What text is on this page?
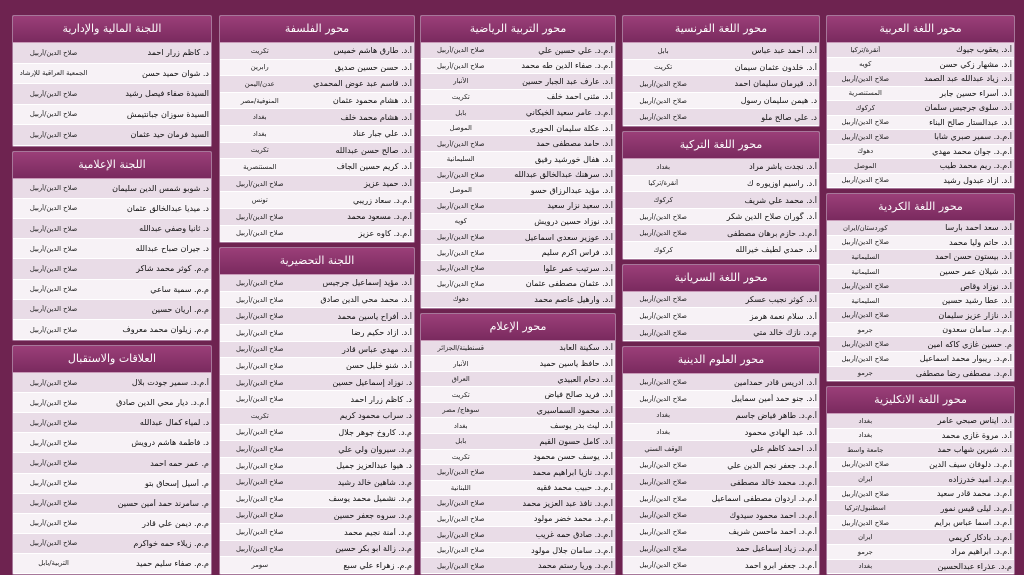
اللجنة المالية والإدارية
د. كاظم زرار احمد
صلاح الدين/أربيل
د. شوان حميد حسن
الجمعية العراقية للإرشاد
السيدة صفاء فيصل رشيد
صلاح الدين/أربيل
السيدة سوزان جبانتيمش
صلاح الدين/أربيل
السيد فرمان حيد عثمان
صلاح الدين/أربيل
اللجنة الإعلامية
د. شوبو شمس الدين سليمان
صلاح الدين/أربيل
د. ميديا عبدالخالق عثمان
صلاح الدين/أربيل
د. ثانيا وصفي عبدالله
صلاح الدين/أربيل
د. جيران صباح عبدالله
صلاح الدين/أربيل
م.م. كوثر محمد شاكر
صلاح الدين/أربيل
م.م. سمية ساعي
صلاح الدين/أربيل
م.م. اريان حسين
صلاح الدين/أربيل
م.م. زيلوان محمد معروف
صلاح الدين/أربيل
العلاقات والاستقبال
أ.م.د. سمير جودت بلال
صلاح الدين/أربيل
أ.م.د. ديار محي الدين صادق
صلاح الدين/أربيل
د. لمياء كمال عبدالله
صلاح الدين/أربيل
د. فاطمة هاشم درويش
صلاح الدين/أربيل
م. عمر حمه احمد
صلاح الدين/أربيل
م. أسيل إسحاق بتو
صلاح الدين/أربيل
م. سامرند حمد أمين حسين
صلاح الدين/أربيل
م.م. ديمن علي قادر
صلاح الدين/أربيل
م.م. زيلاء حمه خواكرم
صلاح الدين/أربيل
م.م. صفاء سليم حميد
التربية/بابل
محور الفلسفة
أ.د. طارق هاشم خميس
تكريت
أ.د. حسن حسين صديق
رابرين
أ.د. قاسم عبد عوض المحمدي
عدن/اليمن
أ.د. هشام محمود عثمان
المنوفية/مصر
أ.د. هشام محمد خلف
بغداد
أ.د. علي جبار عناد
بغداد
أ.د. صالح حسن عبدالله
تكريت
أ.د. كريم حسين الجاف
المستنصرية
أ.د. حميد عزيز
صلاح الدين/أربيل
أ.م.د. سعاد زريبي
تونس
أ.م.د. مسعود محمد
صلاح الدين/أربيل
أ.م.د. كاوه عزيز
صلاح الدين/أربيل
اللجنة التحضيرية
أ.د. مؤيد إسماعيل جرجيس
صلاح الدين/أربيل
أ.د. محمد محي الدين صادق
صلاح الدين/أربيل
أ.د. أفراح ياسين محمد
صلاح الدين/أربيل
أ.د. ازاد حكيم رضا
صلاح الدين/أربيل
أ.د. مهدي عباس قادر
صلاح الدين/أربيل
أ.د. شنو خليل حسن
صلاح الدين/أربيل
د. نوزاد إسماعيل حسين
صلاح الدين/أربيل
د. كاظم زرار احمد
صلاح الدين/أربيل
د. سراب محمود كريم
تكريت
م.د. كاروخ جوهر جلال
صلاح الدين/أربيل
م.د. سيروان ولي علي
صلاح الدين/أربيل
د. هيوا عبدالعزيز جميل
صلاح الدين/أربيل
م.د. شاهين خالد رشيد
صلاح الدين/أربيل
م.د. نشميل محمد يوسف
صلاح الدين/أربيل
م.د. سروه جعفر حسين
صلاح الدين/أربيل
م.د. أمنة نجيم محمد
صلاح الدين/أربيل
م.د. زالة ابو بكر حسين
صلاح الدين/أربيل
م.م. زهراء علي سبع
سومر
محور التربية الرياضية
أ.م.د. علي حسين علي
صلاح الدين/أربيل
أ.م.د. صفاء الدين طه محمد
صلاح الدين/أربيل
أ.د. عارف عبد الجبار حسين
الأنبار
أ.د. مثنى احمد خلف
تكريت
أ.م.د. عامر سعيد الخيكاني
بابل
أ.د. عكلة سليمان الحوري
الموصل
أ.د. حامد مصطفى حمد
صلاح الدين/أربيل
أ.د. هفال خورشيد رفيق
السليمانية
أ.د. سرهنك عبدالخالق عبدالله
صلاح الدين/أربيل
أ.د. مؤيد عبدالرزاق حسو
الموصل
أ.د. سعيد نزار سعيد
صلاح الدين/أربيل
أ.د. نوزاد حسين درويش
كويه
أ.د. عوزير سعدي اسماعيل
صلاح الدين/أربيل
أ.د. فراس اكرم سليم
صلاح الدين/أربيل
أ.د. سرتيب عمر علوا
صلاح الدين/أربيل
أ.د. عثمان مصطفى عثمان
صلاح الدين/أربيل
أ.د. وارهيل عاصم محمد
دهوك
محور الإعلام
أ.د. سكينة العابد
قسنطينة/الجزائر
أ.د. حافظ ياسين حميد
الأنبار
أ.د. دحام العبيدي
العراق
أ.د. فريد صالح فياض
تكريت
أ.د. محمود السماسيري
سوهاج/ مصر
أ.د. ليث بدر يوسف
بغداد
أ.د. كامل حسون القيم
بابل
أ.د. يوسف حسن محمود
تكريت
أ.م.د. نازيا ابراهيم محمد
صلاح الدين/أربيل
أ.م.د. حبيب محمد فقيه
اللبنانية
أ.م.د. نافذ عبد العزيز محمد
صلاح الدين/أربيل
أ.م.د. محمد خضر مولود
صلاح الدين/أربيل
أ.م.د. صادق حمه غريب
صلاح الدين/أربيل
أ.م.د. سامان جلال مولود
صلاح الدين/أربيل
أ.م.د. وريا رستم محمد
صلاح الدين/أربيل
محور اللغة الفرنسية
أ.د. أحمد عبد عباس
بابل
أ.د. خلدون عثمان سيمان
تكريت
أ.د. قيرمان سليمان احمد
صلاح الدين/أربيل
د. هيمن سليمان رسول
صلاح الدين/أربيل
د. علي صالح ملو
صلاح الدين/أربيل
محور اللغة التركية
أ.د. نجدت ياشر مراد
بغداد
أ.د. راسيم اوزيوره ك
أنقرة/تركيا
أ.د. محمد علي شريف
كركوك
أ.د. گوران صلاح الدين شكر
صلاح الدين/أربيل
أ.م.د. حازم برهان مصطفى
صلاح الدين/أربيل
أ.د. حمدي لطيف خيرالله
كركوك
محور اللغة السريانية
أ.د. كوثر نجيب عسكر
صلاح الدين/أربيل
أ.د. سلام نعمة هرمز
صلاح الدين/أربيل
م.د. نازك خالد متي
صلاح الدين/أربيل
محور العلوم الدينية
أ.د. ادريس قادر حمدامين
صلاح الدين/أربيل
أ.د. جنو حمد أمين سماييل
صلاح الدين/أربيل
أ.م.د. طاهر فياض جاسم
بغداد
أ.د. عبد الهادي محمود
بغداد
أ.د. احمد كاظم علي
الوقف السني
أ.م.د. جعفر نجم الدين علي
صلاح الدين/أربيل
أ.م.د. محمد خالد مصطفى
صلاح الدين/أربيل
أ.م.د. اردوان مصطفى اسماعيل
صلاح الدين/أربيل
أ.م.د. احمد محمود سيدوك
صلاح الدين/أربيل
أ.م.د. احمد ماحسن شريف
صلاح الدين/أربيل
أ.م.د. زياد إسماعيل حمد
صلاح الدين/أربيل
أ.م.د. جعفر ابرو احمد
صلاح الدين/أربيل
محور اللغة العربية
أ.د. يعقوب جيوك
أنقرة/تركيا
أ.د. مشهار زكي حسن
كويه
أ.د. زياد عبدالله عبد الصمد
صلاح الدين/أربيل
أ.د. أسراء حسين جابر
المستنصرية
أ.د. سلوى جرجيس سلمان
كركوك
أ.د. عبدالستار صالح البناء
صلاح الدين/أربيل
أ.م.د. سمير صبري شابا
صلاح الدين/أربيل
أ.م.د. جوان محمد مهدي
دهوك
أ.م.د. ريم محمد طيب
الموصل
أ.د. ازاد عبدول رشيد
صلاح الدين/أربيل
محور اللغة الكردية
أ.د. سعد احمد بارسا
كوردستان/ايران
أ.د. حاتم وليا محمد
صلاح الدين/أربيل
أ.د. بيستون حسن احمد
السليمانية
أ.د. شيلان عمر حسين
السليمانية
أ.د. نوزاد وقاص
صلاح الدين/أربيل
أ.د. عطا رشيد حسين
السليمانية
أ.د. نازار عزيز سليمان
صلاح الدين/أربيل
أ.م.د. سامان سعدون
جرمو
م. حسين غازي كاكه امين
صلاح الدين/أربيل
أ.م.د. ريبوار محمد اسماعيل
صلاح الدين/أربيل
أ.م.د. مصطفى رضا مصطفى
جرمو
محور اللغة الانكليزية
أ.د. ايناس صبحي عامر
بغداد
أ.د. مروة غازي محمد
بغداد
أ.د. شيرين شهاب حمد
جامعة واسط
أ.م.د. دلوفان سيف الدين
صلاح الدين/أربيل
أ.م.د. اميد خدرزاده
ايران
أ.م.د. محمد قادر سعيد
صلاح الدين/أربيل
أ.م.د. ليلى قيس نمور
اسطنبول/تركيا
أ.م.د. اسما عباس برايم
صلاح الدين/أربيل
أ.م.د. بادكار كريمي
ايران
أ.م.د. ابراهيم مراد
جرمو
م.د. عذراء عبدالحسين
بغداد
